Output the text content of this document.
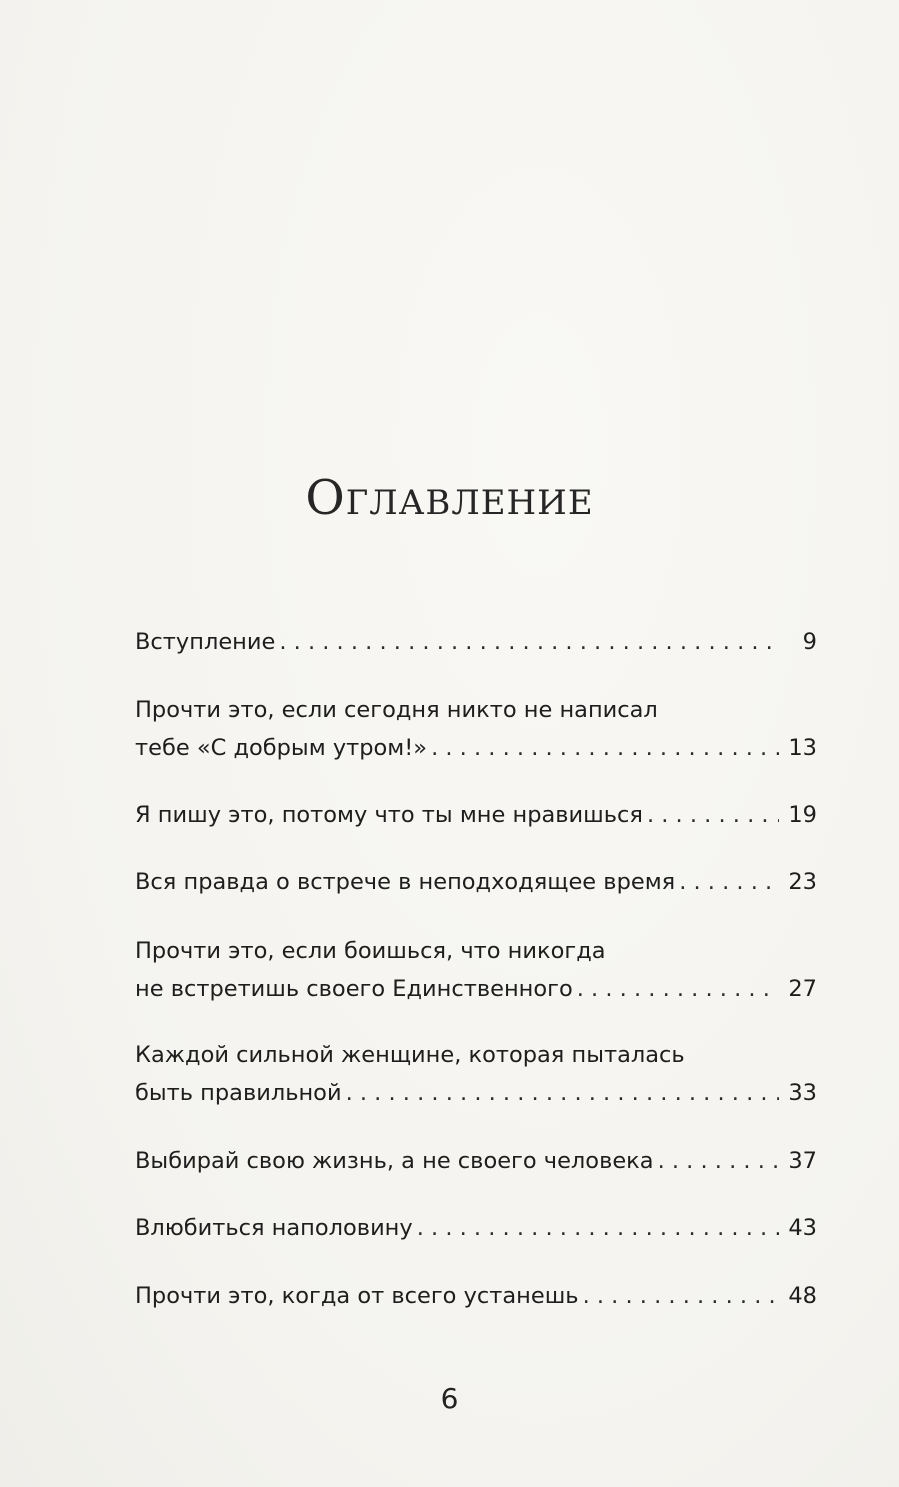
Оглавление
Вступление . . .	9
Прочти это, если сегодня никто не написал
тебе «С добрым утром!» . . .	13
Я пишу это, потому что ты мне нравишься . . .	19
Вся правда о встрече в неподходящее время . . .	23
Прочти это, если боишься, что никогда
не встретишь своего Единственного . . .	27
Каждой сильной женщине, которая пыталась
быть правильной . . .	33
Выбирай свою жизнь, а не своего человека . . .	37
Влюбиться наполовину . . .	43
Прочти это, когда от всего устанешь . . .	48
6
